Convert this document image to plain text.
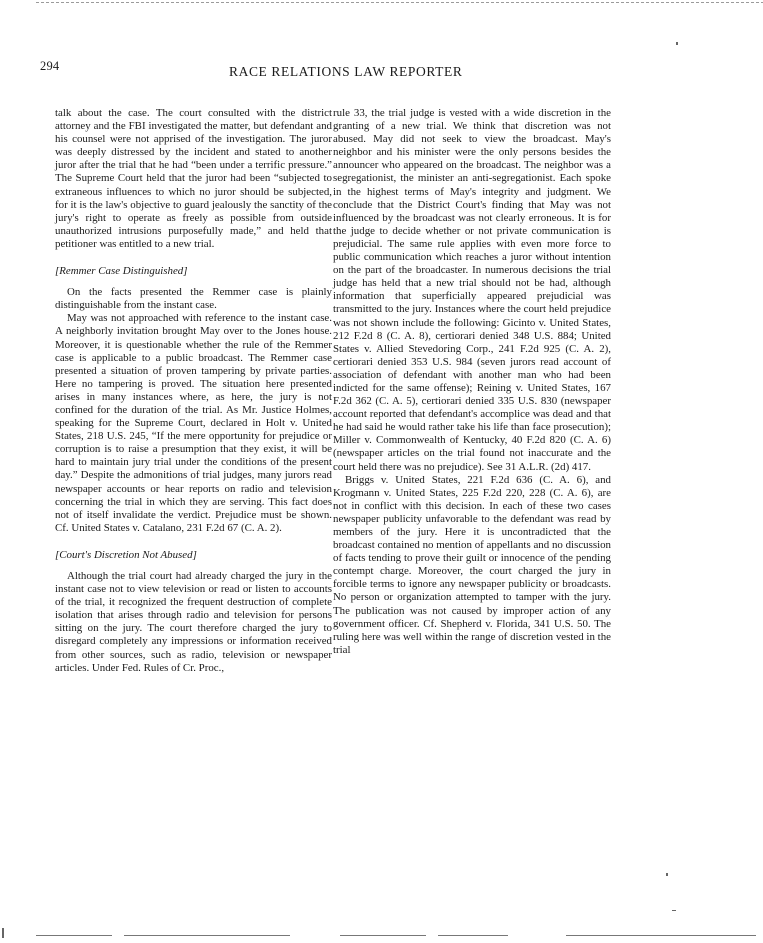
294	RACE RELATIONS LAW REPORTER

talk about the case. The court consulted with the district attorney and the FBI investigated the matter, but defendant and his counsel were not apprised of the investigation. The juror was deeply distressed by the incident and stated to another juror after the trial that he had “been under a terrific pressure.” The Supreme Court held that the juror had been “subjected to extraneous influences to which no juror should be subjected, for it is the law's objective to guard jealously the sanctity of the jury's right to operate as freely as possible from outside unauthorized intrusions purposefully made,” and held that petitioner was entitled to a new trial.

[Remmer Case Distinguished]

On the facts presented the Remmer case is plainly distinguishable from the instant case.

May was not approached with reference to the instant case. A neighborly invitation brought May over to the Jones house. Moreover, it is questionable whether the rule of the Remmer case is applicable to a public broadcast. The Remmer case presented a situation of proven tampering by private parties. Here no tampering is proved. The situation here presented arises in many instances where, as here, the jury is not confined for the duration of the trial. As Mr. Justice Holmes, speaking for the Supreme Court, declared in Holt v. United States, 218 U.S. 245, “If the mere opportunity for prejudice or corruption is to raise a presumption that they exist, it will be hard to maintain jury trial under the conditions of the present day.” Despite the admonitions of trial judges, many jurors read newspaper accounts or hear reports on radio and television concerning the trial in which they are serving. This fact does not of itself invalidate the verdict. Prejudice must be shown. Cf. United States v. Catalano, 231 F.2d 67 (C. A. 2).

[Court's Discretion Not Abused]

Although the trial court had already charged the jury in the instant case not to view television or read or listen to accounts of the trial, it recognized the frequent destruction of complete isolation that arises through radio and television for persons sitting on the jury. The court therefore charged the jury to disregard completely any impressions or information received from other sources, such as radio, television or newspaper articles. Under Fed. Rules of Cr. Proc.,

rule 33, the trial judge is vested with a wide discretion in the granting of a new trial. We think that discretion was not abused. May did not seek to view the broadcast. May's neighbor and his minister were the only persons besides the announcer who appeared on the broadcast. The neighbor was a segregationist, the minister an anti-segregationist. Each spoke in the highest terms of May's integrity and judgment. We conclude that the District Court's finding that May was not influenced by the broadcast was not clearly erroneous. It is for the judge to decide whether or not private communication is prejudicial. The same rule applies with even more force to public communication which reaches a juror without intention on the part of the broadcaster. In numerous decisions the trial judge has held that a new trial should not be had, although information that superficially appeared prejudicial was transmitted to the jury. Instances where the court held prejudice was not shown include the following: Gicinto v. United States, 212 F.2d 8 (C. A. 8), certiorari denied 348 U.S. 884; United States v. Allied Stevedoring Corp., 241 F.2d 925 (C. A. 2), certiorari denied 353 U.S. 984 (seven jurors read account of association of defendant with another man who had been indicted for the same offense); Reining v. United States, 167 F.2d 362 (C. A. 5), certiorari denied 335 U.S. 830 (newspaper account reported that defendant's accomplice was dead and that he had said he would rather take his life than face prosecution); Miller v. Commonwealth of Kentucky, 40 F.2d 820 (C. A. 6) (newspaper articles on the trial found not inaccurate and the court held there was no prejudice). See 31 A.L.R. (2d) 417.

Briggs v. United States, 221 F.2d 636 (C. A. 6), and Krogmann v. United States, 225 F.2d 220, 228 (C. A. 6), are not in conflict with this decision. In each of these two cases newspaper publicity unfavorable to the defendant was read by members of the jury. Here it is uncontradicted that the broadcast contained no mention of appellants and no discussion of facts tending to prove their guilt or innocence of the pending contempt charge. Moreover, the court charged the jury in forcible terms to ignore any newspaper publicity or broadcasts. No person or organization attempted to tamper with the jury. The publication was not caused by improper action of any government officer. Cf. Shepherd v. Florida, 341 U.S. 50. The ruling here was well within the range of discretion vested in the trial
